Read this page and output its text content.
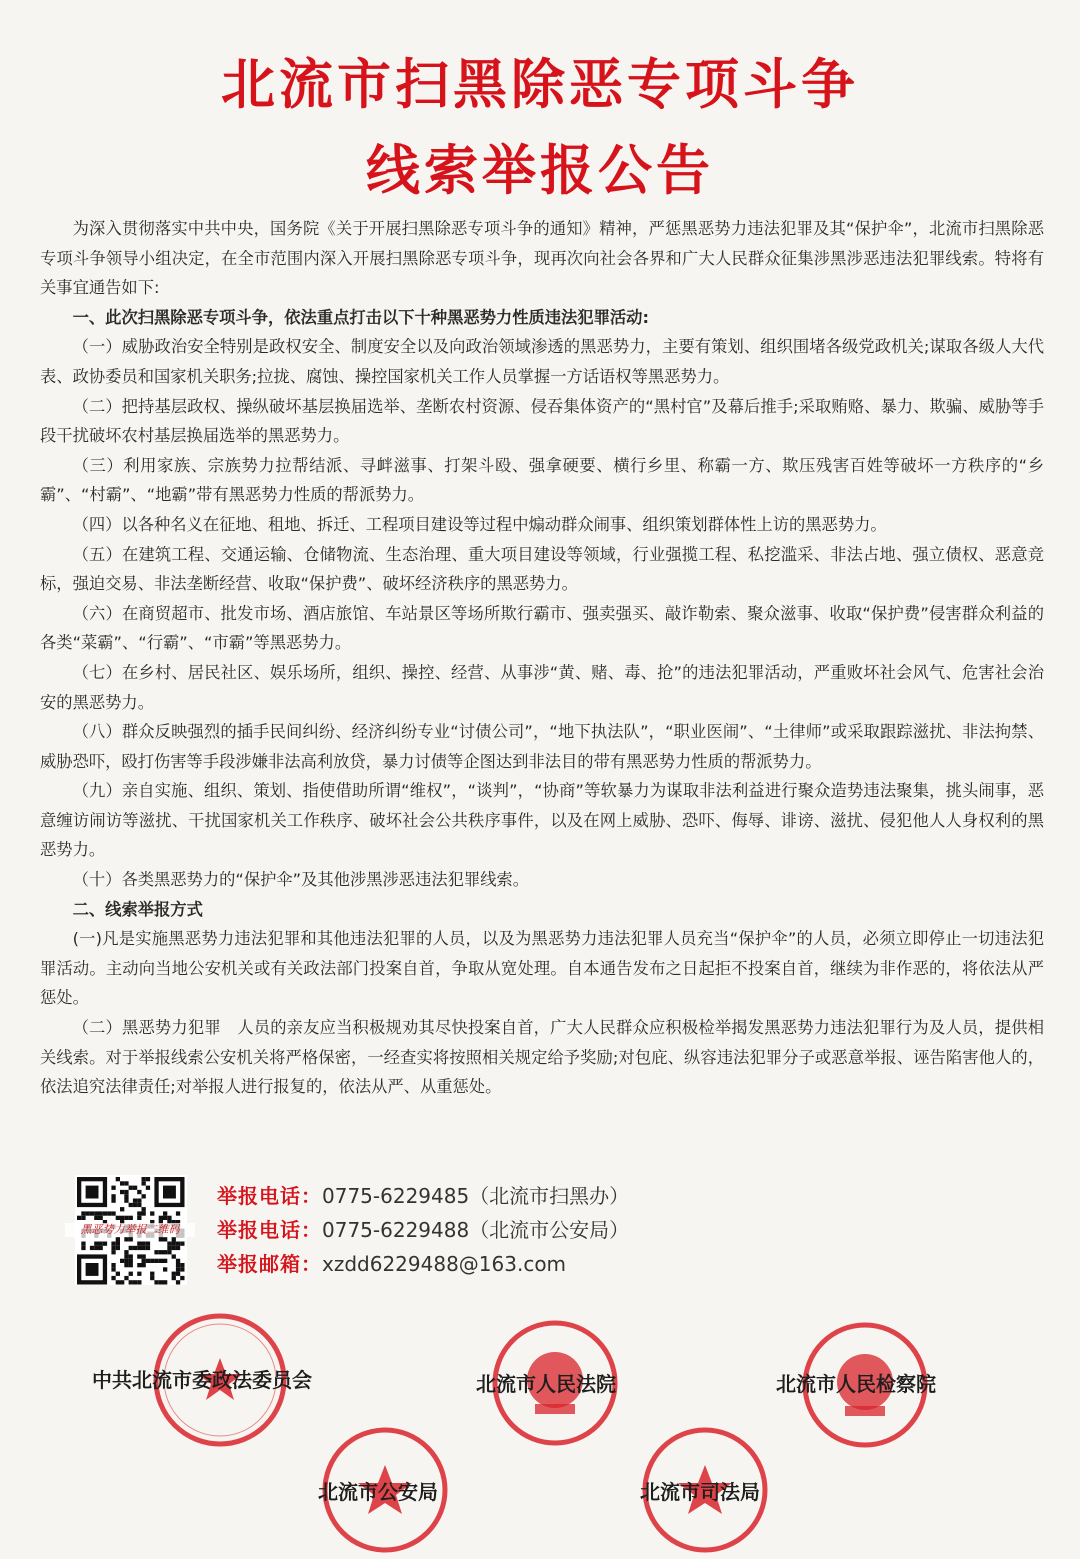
北流市扫黑除恶专项斗争
线索举报公告

为深入贯彻落实中共中央，国务院《关于开展扫黑除恶专项斗争的通知》精神，严惩黑恶势力违法犯罪及其“保护伞”，北流市扫黑除恶专项斗争领导小组决定，在全市范围内深入开展扫黑除恶专项斗争，现再次向社会各界和广大人民群众征集涉黑涉恶违法犯罪线索。特将有关事宜通告如下:

一、此次扫黑除恶专项斗争，依法重点打击以下十种黑恶势力性质违法犯罪活动:

（一）威胁政治安全特别是政权安全、制度安全以及向政治领域渗透的黑恶势力，主要有策划、组织围堵各级党政机关;谋取各级人大代表、政协委员和国家机关职务;拉拢、腐蚀、操控国家机关工作人员掌握一方话语权等黑恶势力。

（二）把持基层政权、操纵破坏基层换届选举、垄断农村资源、侵吞集体资产的“黑村官”及幕后推手;采取贿赂、暴力、欺骗、威胁等手段干扰破坏农村基层换届选举的黑恶势力。

（三）利用家族、宗族势力拉帮结派、寻衅滋事、打架斗殴、强拿硬要、横行乡里、称霸一方、欺压残害百姓等破坏一方秩序的“乡霸”、“村霸”、“地霸”带有黑恶势力性质的帮派势力。

（四）以各种名义在征地、租地、拆迁、工程项目建设等过程中煽动群众闹事、组织策划群体性上访的黑恶势力。

（五）在建筑工程、交通运输、仓储物流、生态治理、重大项目建设等领域，行业强揽工程、私挖滥采、非法占地、强立债权、恶意竞标，强迫交易、非法垄断经营、收取“保护费”、破坏经济秩序的黑恶势力。

（六）在商贸超市、批发市场、酒店旅馆、车站景区等场所欺行霸市、强卖强买、敲诈勒索、聚众滋事、收取“保护费”侵害群众利益的各类“菜霸”、“行霸”、“市霸”等黑恶势力。

（七）在乡村、居民社区、娱乐场所，组织、操控、经营、从事涉“黄、赌、毒、抢”的违法犯罪活动，严重败坏社会风气、危害社会治安的黑恶势力。

（八）群众反映强烈的插手民间纠纷、经济纠纷专业“讨债公司”，“地下执法队”，“职业医闹”、“土律师”或采取跟踪滋扰、非法拘禁、威胁恐吓，殴打伤害等手段涉嫌非法高利放贷，暴力讨债等企图达到非法目的带有黑恶势力性质的帮派势力。

（九）亲自实施、组织、策划、指使借助所谓“维权”，“谈判”，“协商”等软暴力为谋取非法利益进行聚众造势违法聚集，挑头闹事，恶意缠访闹访等滋扰、干扰国家机关工作秩序、破坏社会公共秩序事件，以及在网上威胁、恐吓、侮辱、诽谤、滋扰、侵犯他人人身权利的黑恶势力。

（十）各类黑恶势力的“保护伞”及其他涉黑涉恶违法犯罪线索。

二、线索举报方式

(一)凡是实施黑恶势力违法犯罪和其他违法犯罪的人员，以及为黑恶势力违法犯罪人员充当“保护伞”的人员，必须立即停止一切违法犯罪活动。主动向当地公安机关或有关政法部门投案自首，争取从宽处理。自本通告发布之日起拒不投案自首，继续为非作恶的，将依法从严惩处。

（二）黑恶势力犯罪　人员的亲友应当积极规劝其尽快投案自首，广大人民群众应积极检举揭发黑恶势力违法犯罪行为及人员，提供相关线索。对于举报线索公安机关将严格保密，一经查实将按照相关规定给予奖励;对包庇、纵容违法犯罪分子或恶意举报、诬告陷害他人的，依法追究法律责任;对举报人进行报复的，依法从严、从重惩处。

黑恶势力举报二维码
举报电话：0775-6229485（北流市扫黑办）
举报电话：0775-6229488（北流市公安局）
举报邮箱：xzdd6229488@163.com
中共北流市委政法委员会	北流市人民法院	北流市人民检察院
北流市公安局	北流市司法局
